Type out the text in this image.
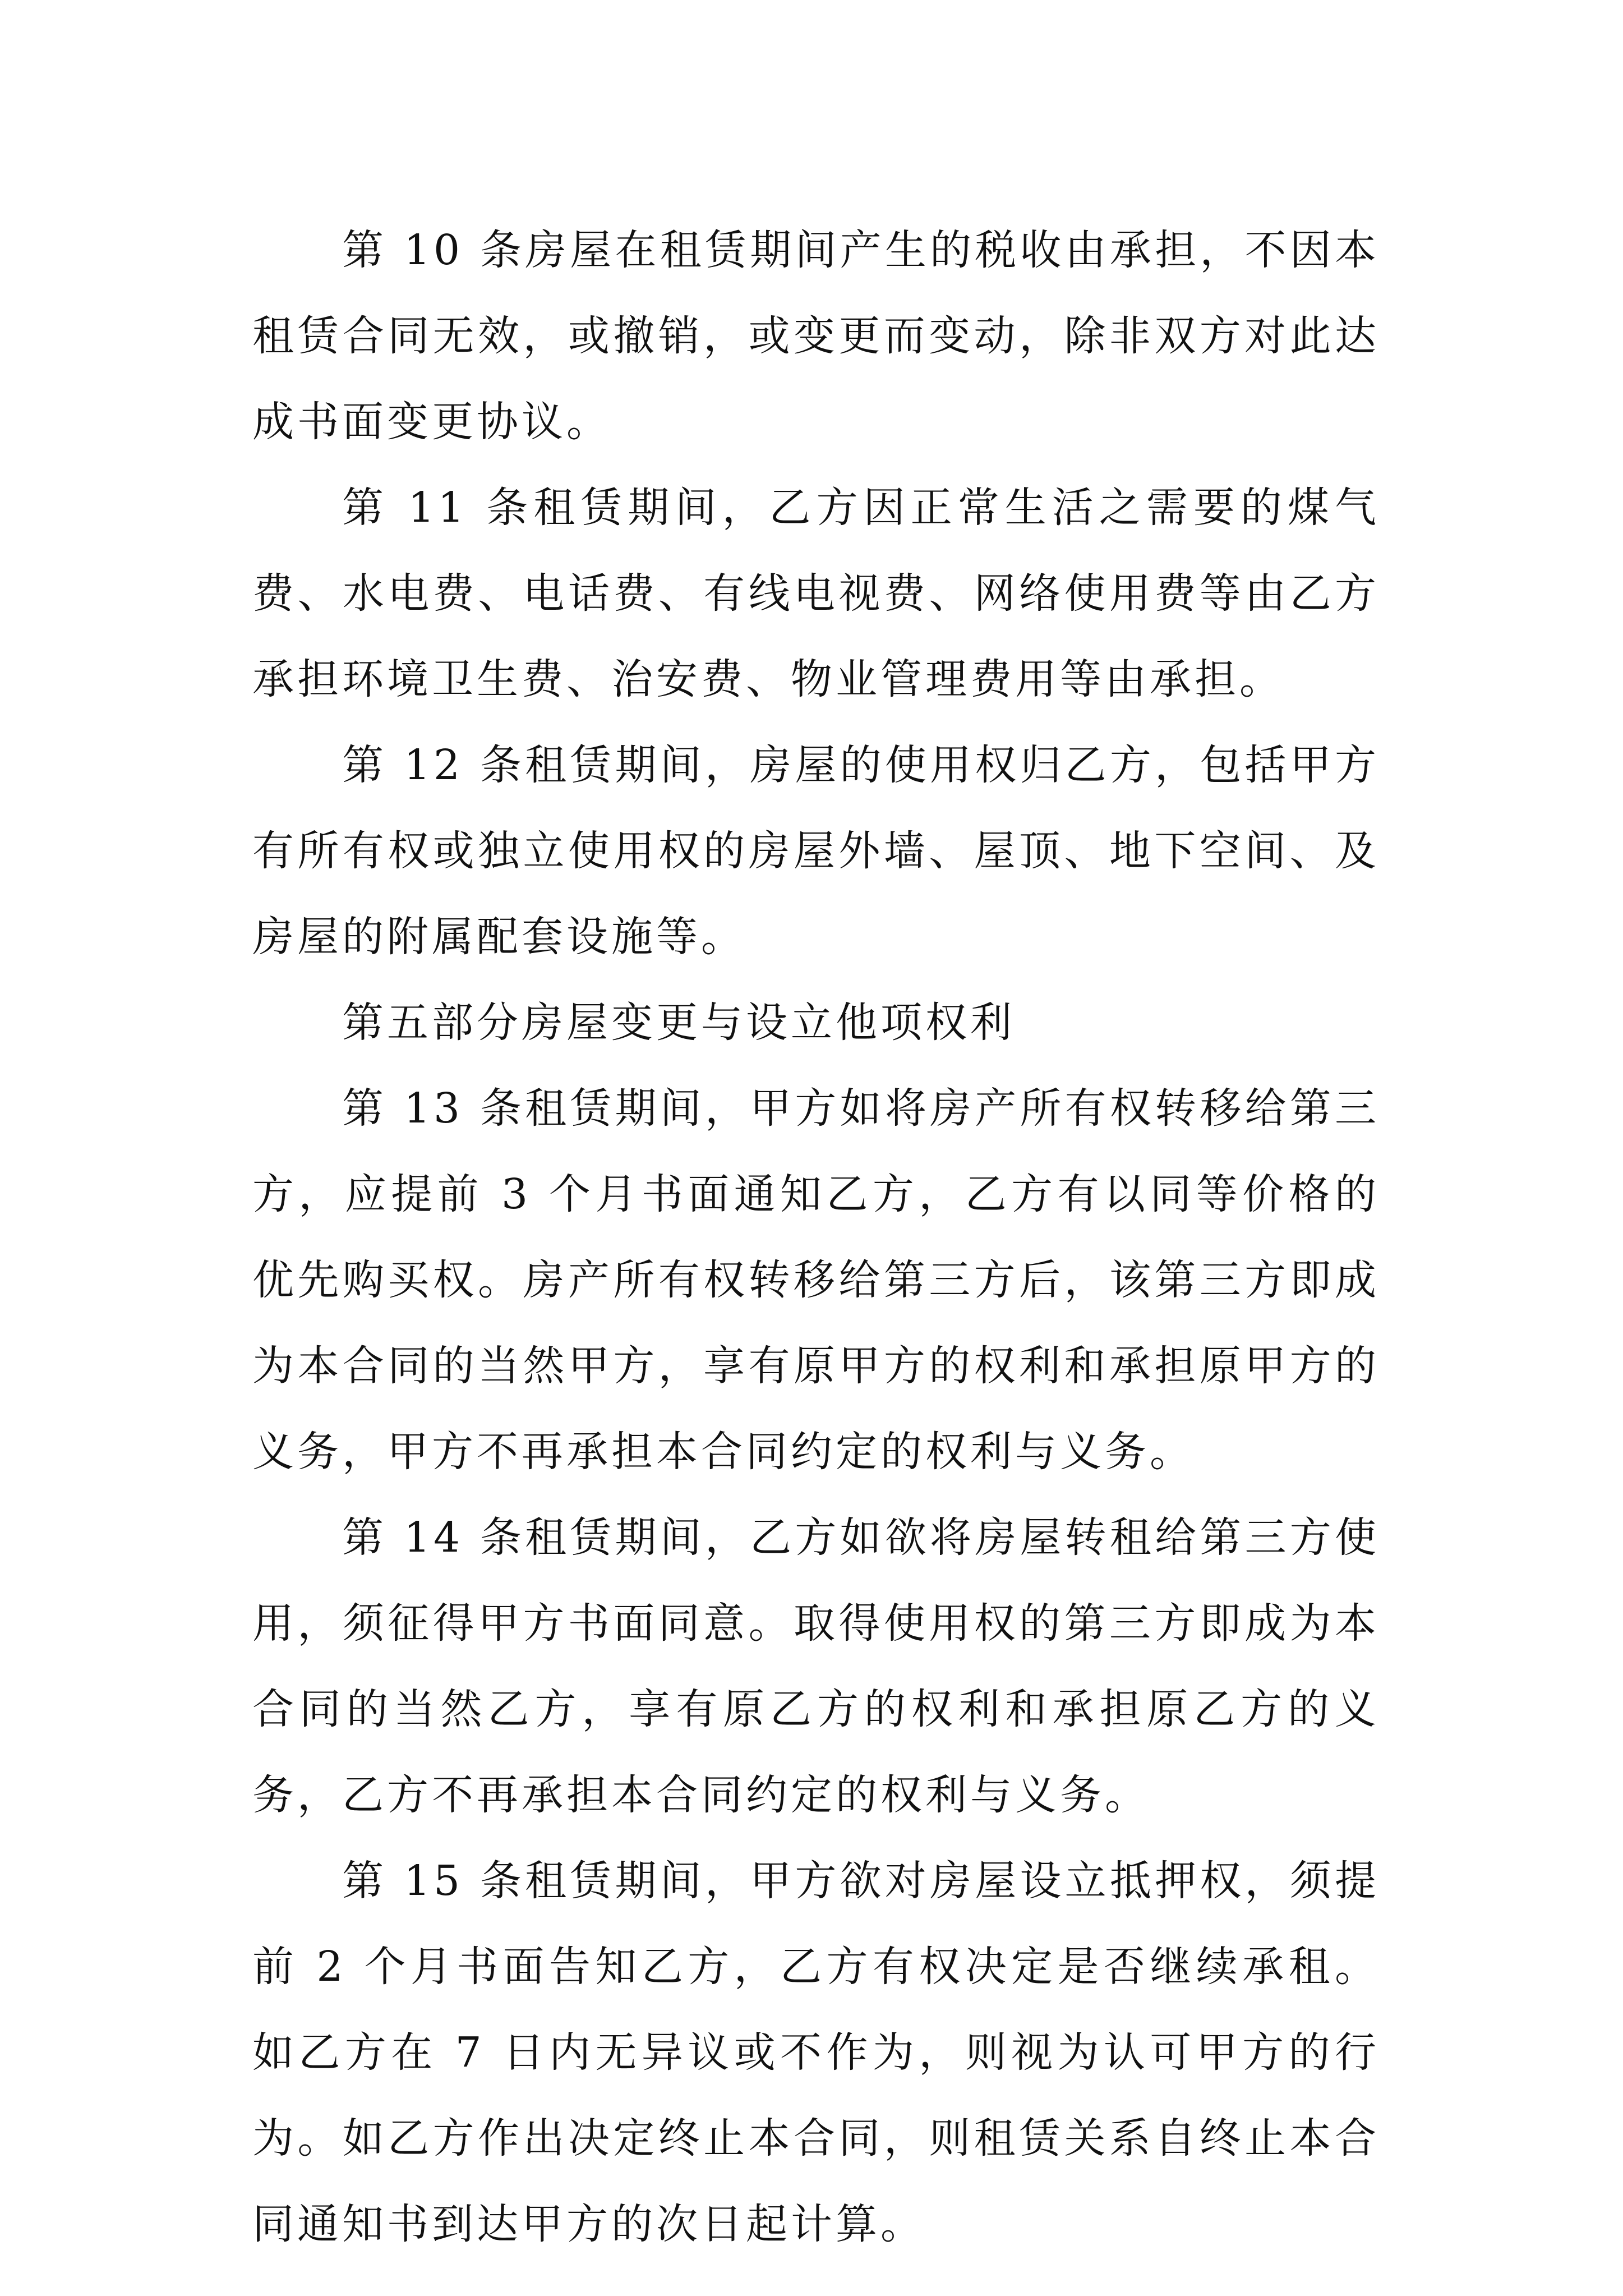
第 10 条房屋在租赁期间产生的税收由承担，不因本租赁合同无效，或撤销，或变更而变动，除非双方对此达成书面变更协议。

第 11 条租赁期间，乙方因正常生活之需要的煤气费、水电费、电话费、有线电视费、网络使用费等由乙方承担环境卫生费、治安费、物业管理费用等由承担。

第 12 条租赁期间，房屋的使用权归乙方，包括甲方有所有权或独立使用权的房屋外墙、屋顶、地下空间、及房屋的附属配套设施等。

第五部分房屋变更与设立他项权利

第 13 条租赁期间，甲方如将房产所有权转移给第三方，应提前 3 个月书面通知乙方，乙方有以同等价格的优先购买权。房产所有权转移给第三方后，该第三方即成为本合同的当然甲方，享有原甲方的权利和承担原甲方的义务，甲方不再承担本合同约定的权利与义务。

第 14 条租赁期间，乙方如欲将房屋转租给第三方使用，须征得甲方书面同意。取得使用权的第三方即成为本合同的当然乙方，享有原乙方的权利和承担原乙方的义务，乙方不再承担本合同约定的权利与义务。

第 15 条租赁期间，甲方欲对房屋设立抵押权，须提前 2 个月书面告知乙方，乙方有权决定是否继续承租。如乙方在 7 日内无异议或不作为，则视为认可甲方的行为。如乙方作出决定终止本合同，则租赁关系自终止本合同通知书到达甲方的次日起计算。
